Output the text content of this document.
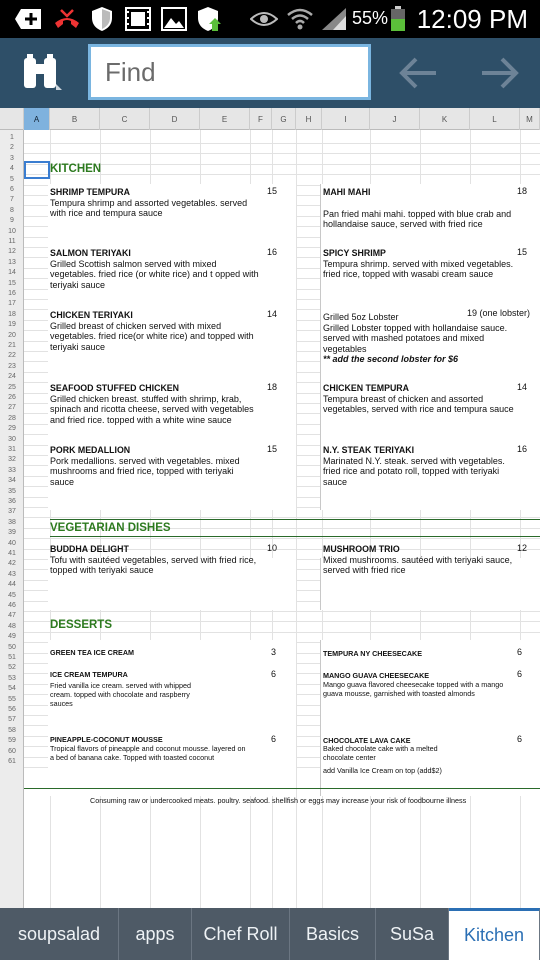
55% 12:09 PM
Find
A	B	C	D	E	F	G	H	I	J	K	L	M
1
2
3
4
5
6
7
8
9
10
11
12
13
14
15
16
17
18
19
20
21
22
23
24
25
26
27
28
29
30
31
32
33
34
35
36
37
38
39
40
41
42
43
44
45
46
47
48
49
50
51
52
53
54
55
56
57
58
59
60
61
KITCHEN
VEGETARIAN DISHES
DESSERTS
SHRIMP TEMPURA	15
Tempura shrimp and assorted vegetables. served with rice and tempura sauce
SALMON TERIYAKI	16
Grilled Scottish salmon served with mixed vegetables. fried rice (or white rice) and t opped with teriyaki sauce
CHICKEN TERIYAKI	14
Grilled breast of chicken served with mixed vegetables. fried rice(or white rice) and topped with teriyaki sauce
SEAFOOD STUFFED CHICKEN	18
Grilled chicken breast. stuffed with shrimp, krab, spinach and ricotta cheese, served with vegetables and fried rice. topped with a white wine sauce
PORK MEDALLION	15
Pork medallions. served with vegetables. mixed mushrooms and fried rice, topped with teriyaki sauce
MAHI MAHI	18
Pan fried mahi mahi. topped with blue crab and hollandaise sauce, served with fried rice
SPICY SHRIMP	15
Tempura shrimp. served with mixed vegetables. fried rice, topped with wasabi cream sauce
Grilled 5oz Lobster	19 (one lobster)
Grilled Lobster topped with hollandaise sauce. served with mashed potatoes and mixed vegetables
** add the second lobster for $6
CHICKEN TEMPURA	14
Tempura breast of chicken and assorted vegetables, served with rice and tempura sauce
N.Y. STEAK TERIYAKI	16
Marinated N.Y. steak. served with vegetables. fried rice and potato roll, topped with teriyaki sauce
BUDDHA DELIGHT	10
Tofu with sautéed vegetables, served with fried rice, topped with teriyaki sauce
MUSHROOM TRIO	12
Mixed mushrooms. sautéed with teriyaki sauce, served with fried rice
GREEN TEA ICE CREAM	3
ICE CREAM TEMPURA	6
Fried vanilla ice cream. served with whipped cream. topped with chocolate and raspberry sauces
PINEAPPLE-COCONUT MOUSSE	6
Tropical flavors of pineapple and coconut mousse. layered on a bed of banana cake. Topped with toasted coconut
TEMPURA NY CHEESECAKE	6
MANGO GUAVA CHEESECAKE	6
Mango guava flavored cheesecake topped with a mango guava mousse, garnished with toasted almonds
CHOCOLATE LAVA CAKE	6
Baked chocolate cake with a melted chocolate center
add Vanilla Ice Cream on top (add$2)
Consuming raw or undercooked meats. poultry. seafood. shellfish or eggs may increase your risk of foodbourne illness
soupsalad	apps	Chef Roll	Basics	SuSa	Kitchen
